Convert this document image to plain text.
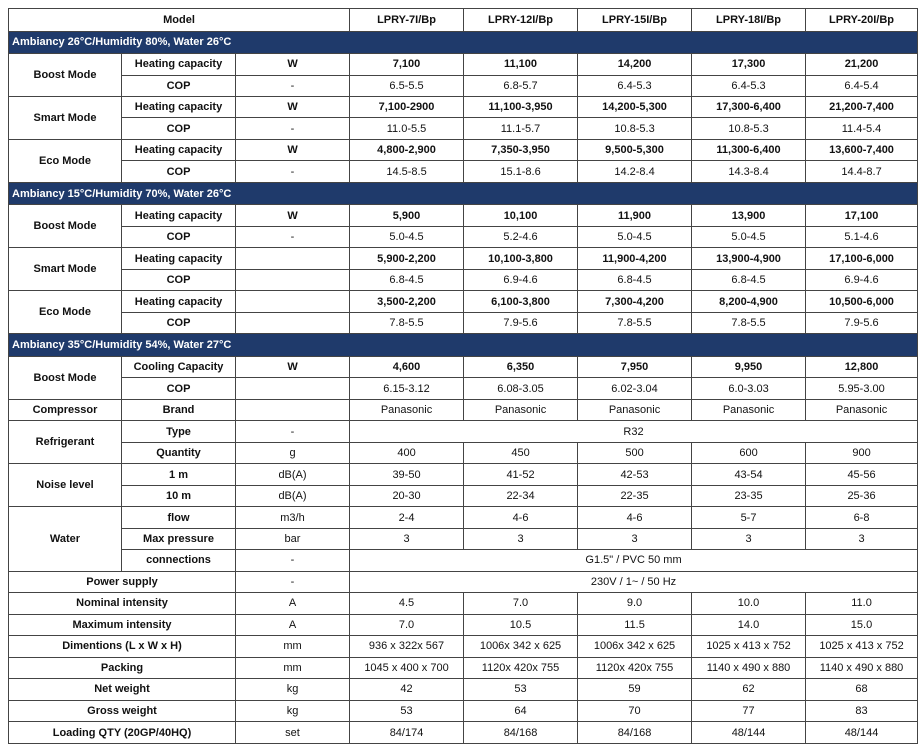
Model			LPRY-7I/Bp	LPRY-12I/Bp	LPRY-15I/Bp	LPRY-18I/Bp	LPRY-20I/Bp
Ambiancy 26°C/Humidity 80%, Water 26°C							
Boost Mode	Heating capacity	W	7,100	11,100	14,200	17,300	21,200
	COP	-	6.5-5.5	6.8-5.7	6.4-5.3	6.4-5.3	6.4-5.4
Smart Mode	Heating capacity	W	7,100-2900	11,100-3,950	14,200-5,300	17,300-6,400	21,200-7,400
	COP	-	11.0-5.5	11.1-5.7	10.8-5.3	10.8-5.3	11.4-5.4
Eco Mode	Heating capacity	W	4,800-2,900	7,350-3,950	9,500-5,300	11,300-6,400	13,600-7,400
	COP	-	14.5-8.5	15.1-8.6	14.2-8.4	14.3-8.4	14.4-8.7
Ambiancy 15°C/Humidity 70%, Water 26°C							
Boost Mode	Heating capacity	W	5,900	10,100	11,900	13,900	17,100
	COP	-	5.0-4.5	5.2-4.6	5.0-4.5	5.0-4.5	5.1-4.6
Smart Mode	Heating capacity		5,900-2,200	10,100-3,800	11,900-4,200	13,900-4,900	17,100-6,000
	COP		6.8-4.5	6.9-4.6	6.8-4.5	6.8-4.5	6.9-4.6
Eco Mode	Heating capacity		3,500-2,200	6,100-3,800	7,300-4,200	8,200-4,900	10,500-6,000
	COP		7.8-5.5	7.9-5.6	7.8-5.5	7.8-5.5	7.9-5.6
Ambiancy 35°C/Humidity 54%, Water 27°C							
Boost Mode	Cooling Capacity	W	4,600	6,350	7,950	9,950	12,800
	COP		6.15-3.12	6.08-3.05	6.02-3.04	6.0-3.03	5.95-3.00
Compressor	Brand		Panasonic	Panasonic	Panasonic	Panasonic	Panasonic
Refrigerant	Type	-	R32				
	Quantity	g	400	450	500	600	900
Noise level	1 m	dB(A)	39-50	41-52	42-53	43-54	45-56
	10 m	dB(A)	20-30	22-34	22-35	23-35	25-36
Water	flow	m3/h	2-4	4-6	4-6	5-7	6-8
	Max pressure	bar	3	3	3	3	3
	connections	-	G1.5" / PVC 50 mm				
Power supply		-	230V / 1~ / 50 Hz				
Nominal intensity		A	4.5	7.0	9.0	10.0	11.0
Maximum intensity		A	7.0	10.5	11.5	14.0	15.0
Dimentions (L x W x H)		mm	936 x 322x 567	1006x 342 x 625	1006x 342 x 625	1025 x 413 x 752	1025 x 413 x 752
Packing		mm	1045 x 400 x 700	1120x 420x 755	1120x 420x 755	1140 x 490 x 880	1140 x 490 x 880
Net weight		kg	42	53	59	62	68
Gross weight		kg	53	64	70	77	83
Loading QTY (20GP/40HQ)		set	84/174	84/168	84/168	48/144	48/144
